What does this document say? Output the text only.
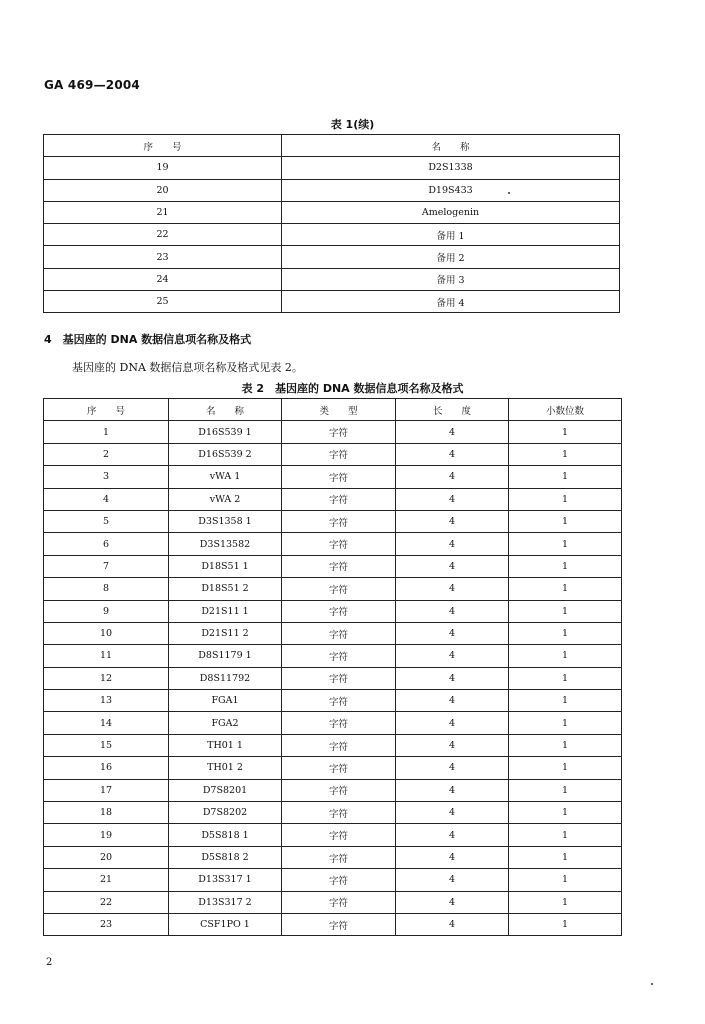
GA 469—2004
表 1(续)
序　　号	名　　称
19	D2S1338
20	D19S433
21	Amelogenin
22	备用 1
23	备用 2
24	备用 3
25	备用 4
4　基因座的 DNA 数据信息项名称及格式
基因座的 DNA 数据信息项名称及格式见表 2。
表 2　基因座的 DNA 数据信息项名称及格式
序　　号	名　　称	类　　型	长　　度	小数位数
1	D16S539 1	字符	4	1
2	D16S539 2	字符	4	1
3	vWA 1	字符	4	1
4	vWA 2	字符	4	1
5	D3S1358 1	字符	4	1
6	D3S13582	字符	4	1
7	D18S51 1	字符	4	1
8	D18S51 2	字符	4	1
9	D21S11 1	字符	4	1
10	D21S11 2	字符	4	1
11	D8S1179 1	字符	4	1
12	D8S11792	字符	4	1
13	FGA1	字符	4	1
14	FGA2	字符	4	1
15	TH01 1	字符	4	1
16	TH01 2	字符	4	1
17	D7S8201	字符	4	1
18	D7S8202	字符	4	1
19	D5S818 1	字符	4	1
20	D5S818 2	字符	4	1
21	D13S317 1	字符	4	1
22	D13S317 2	字符	4	1
23	CSF1PO 1	字符	4	1
2
